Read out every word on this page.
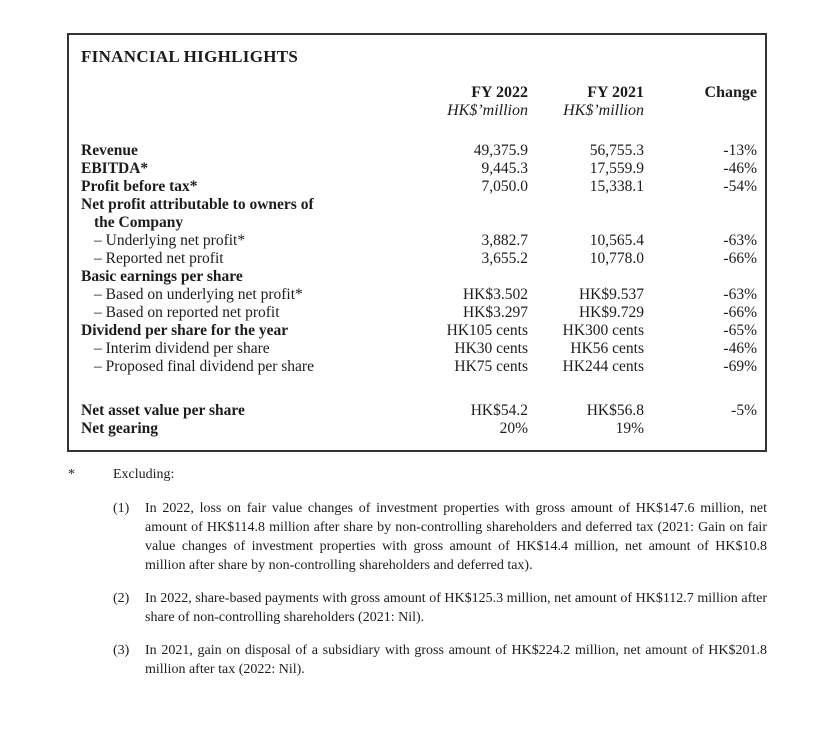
FINANCIAL HIGHLIGHTS
	FY 2022	FY 2021	Change
	HK$’million	HK$’million	
Revenue	49,375.9	56,755.3	-13%
EBITDA*	9,445.3	17,559.9	-46%
Profit before tax*	7,050.0	15,338.1	-54%
Net profit attributable to owners of			
the Company			
– Underlying net profit*	3,882.7	10,565.4	-63%
– Reported net profit	3,655.2	10,778.0	-66%
Basic earnings per share			
– Based on underlying net profit*	HK$3.502	HK$9.537	-63%
– Based on reported net profit	HK$3.297	HK$9.729	-66%
Dividend per share for the year	HK105 cents	HK300 cents	-65%
– Interim dividend per share	HK30 cents	HK56 cents	-46%
– Proposed final dividend per share	HK75 cents	HK244 cents	-69%

Net asset value per share	HK$54.2	HK$56.8	-5%
Net gearing	20%	19%	
*	Excluding:
(1)	In 2022, loss on fair value changes of investment properties with gross amount of HK$147.6 million, net amount of HK$114.8 million after share by non-controlling shareholders and deferred tax (2021: Gain on fair value changes of investment properties with gross amount of HK$14.4 million, net amount of HK$10.8 million after share by non-controlling shareholders and deferred tax).
(2)	In 2022, share-based payments with gross amount of HK$125.3 million, net amount of HK$112.7 million after share of non-controlling shareholders (2021: Nil).
(3)	In 2021, gain on disposal of a subsidiary with gross amount of HK$224.2 million, net amount of HK$201.8 million after tax (2022: Nil).
